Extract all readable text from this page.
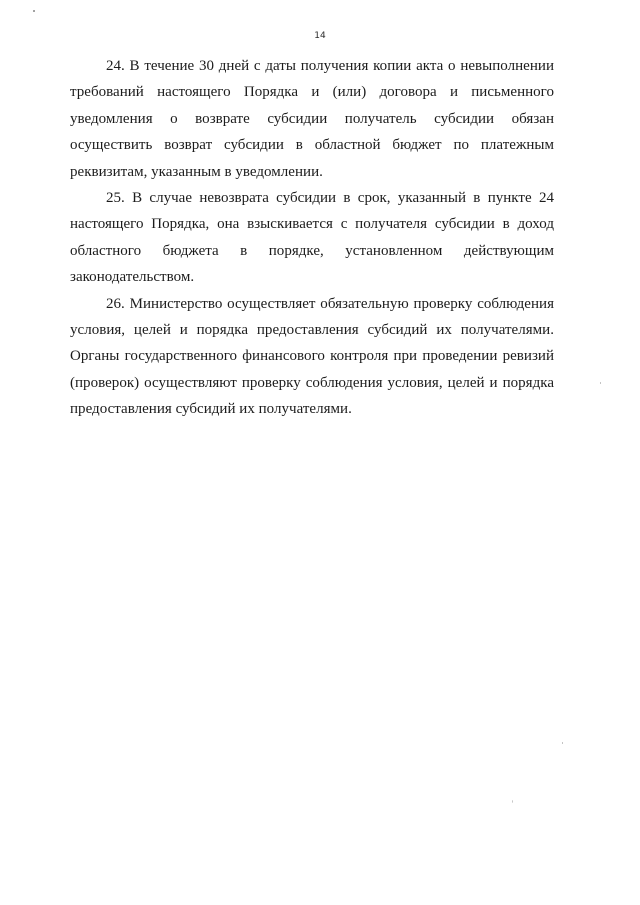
14

24. В течение 30 дней с даты получения копии акта о невыполнении требований настоящего Порядка и (или) договора и письменного уведомления о возврате субсидии получатель субсидии обязан осуществить возврат субсидии в областной бюджет по платежным реквизитам, указанным в уведомлении.

25. В случае невозврата субсидии в срок, указанный в пункте 24 настоящего Порядка, она взыскивается с получателя субсидии в доход областного бюджета в порядке, установленном действующим законодательством.

26. Министерство осуществляет обязательную проверку соблюдения условия, целей и порядка предоставления субсидий их получателями. Органы государственного финансового контроля при проведении ревизий (проверок) осуществляют проверку соблюдения условия, целей и порядка предоставления субсидий их получателями.
